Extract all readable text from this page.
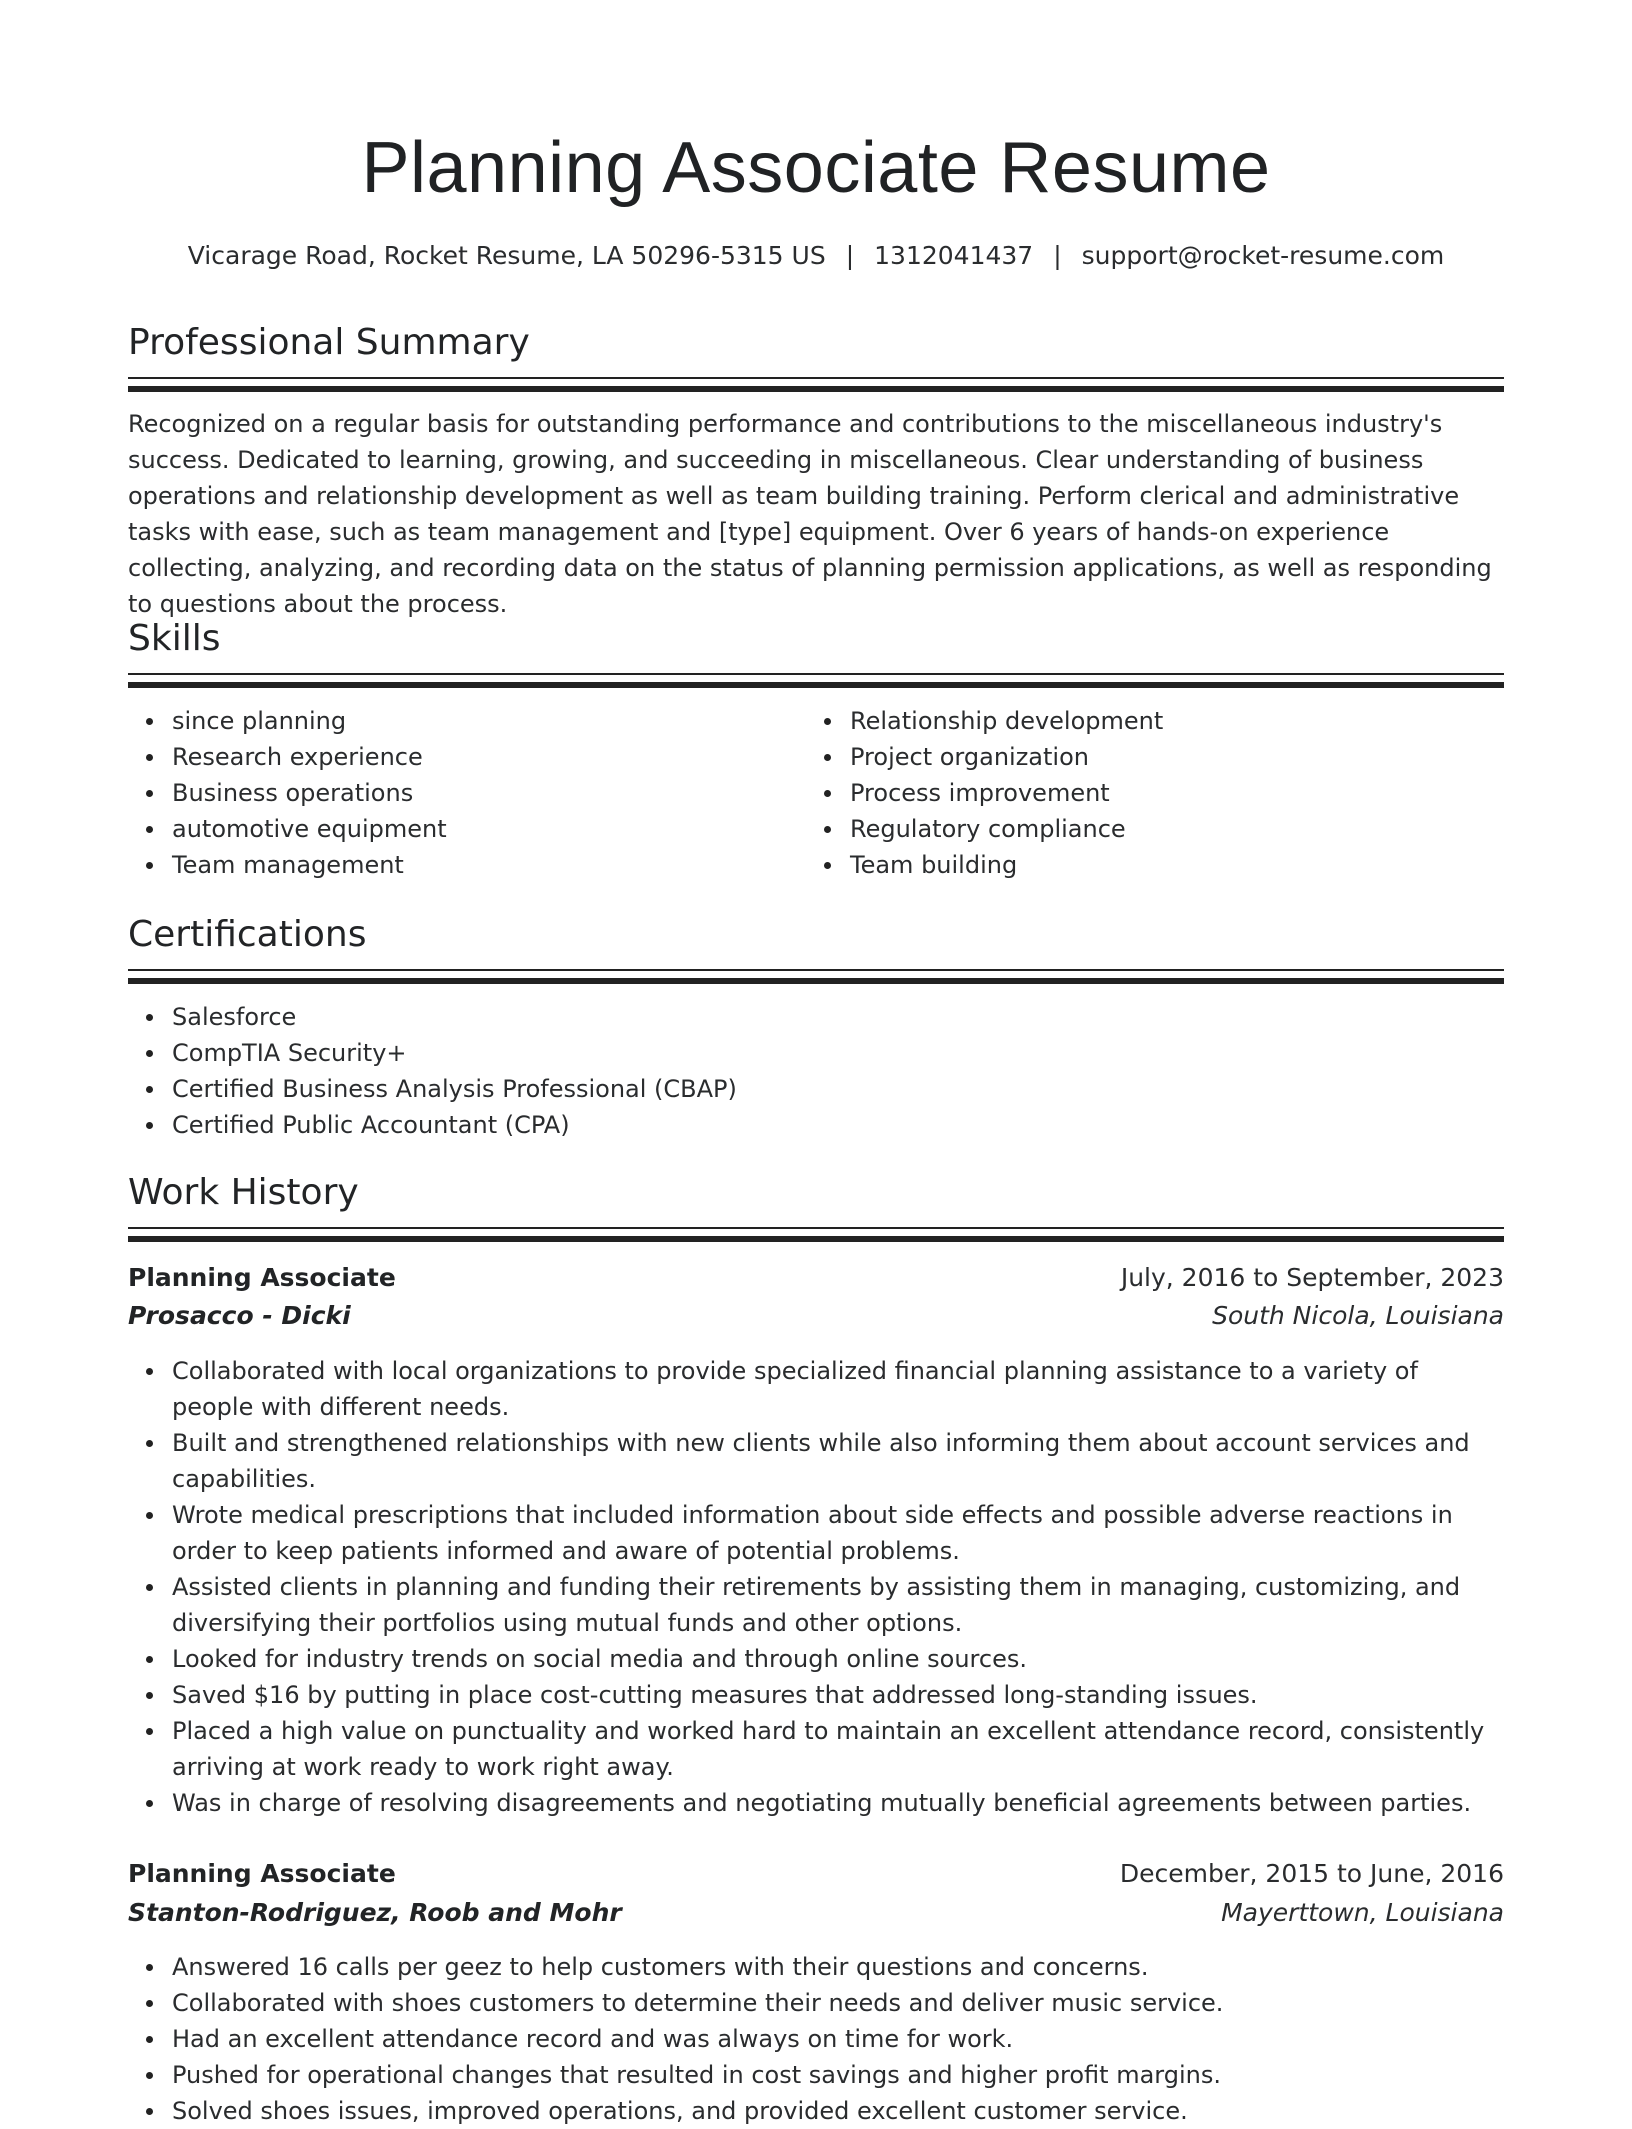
Planning Associate Resume
Vicarage Road, Rocket Resume, LA 50296-5315 US | 1312041437 | support@rocket-resume.com
Professional Summary

Recognized on a regular basis for outstanding performance and contributions to the miscellaneous industry's success. Dedicated to learning, growing, and succeeding in miscellaneous. Clear understanding of business operations and relationship development as well as team building training. Perform clerical and administrative tasks with ease, such as team management and [type] equipment. Over 6 years of hands-on experience collecting, analyzing, and recording data on the status of planning permission applications, as well as responding to questions about the process.

Skills
since planning
Research experience
Business operations
automotive equipment
Team management
Relationship development
Project organization
Process improvement
Regulatory compliance
Team building
Certifications
Salesforce
CompTIA Security+
Certified Business Analysis Professional (CBAP)
Certified Public Accountant (CPA)
Work History
Planning Associate	July, 2016 to September, 2023
Prosacco - Dicki	South Nicola, Louisiana
Collaborated with local organizations to provide specialized financial planning assistance to a variety of people with different needs.
Built and strengthened relationships with new clients while also informing them about account services and capabilities.
Wrote medical prescriptions that included information about side effects and possible adverse reactions in order to keep patients informed and aware of potential problems.
Assisted clients in planning and funding their retirements by assisting them in managing, customizing, and diversifying their portfolios using mutual funds and other options.
Looked for industry trends on social media and through online sources.
Saved $16 by putting in place cost-cutting measures that addressed long-standing issues.
Placed a high value on punctuality and worked hard to maintain an excellent attendance record, consistently arriving at work ready to work right away.
Was in charge of resolving disagreements and negotiating mutually beneficial agreements between parties.
Planning Associate	December, 2015 to June, 2016
Stanton-Rodriguez, Roob and Mohr	Mayerttown, Louisiana
Answered 16 calls per geez to help customers with their questions and concerns.
Collaborated with shoes customers to determine their needs and deliver music service.
Had an excellent attendance record and was always on time for work.
Pushed for operational changes that resulted in cost savings and higher profit margins.
Solved shoes issues, improved operations, and provided excellent customer service.
